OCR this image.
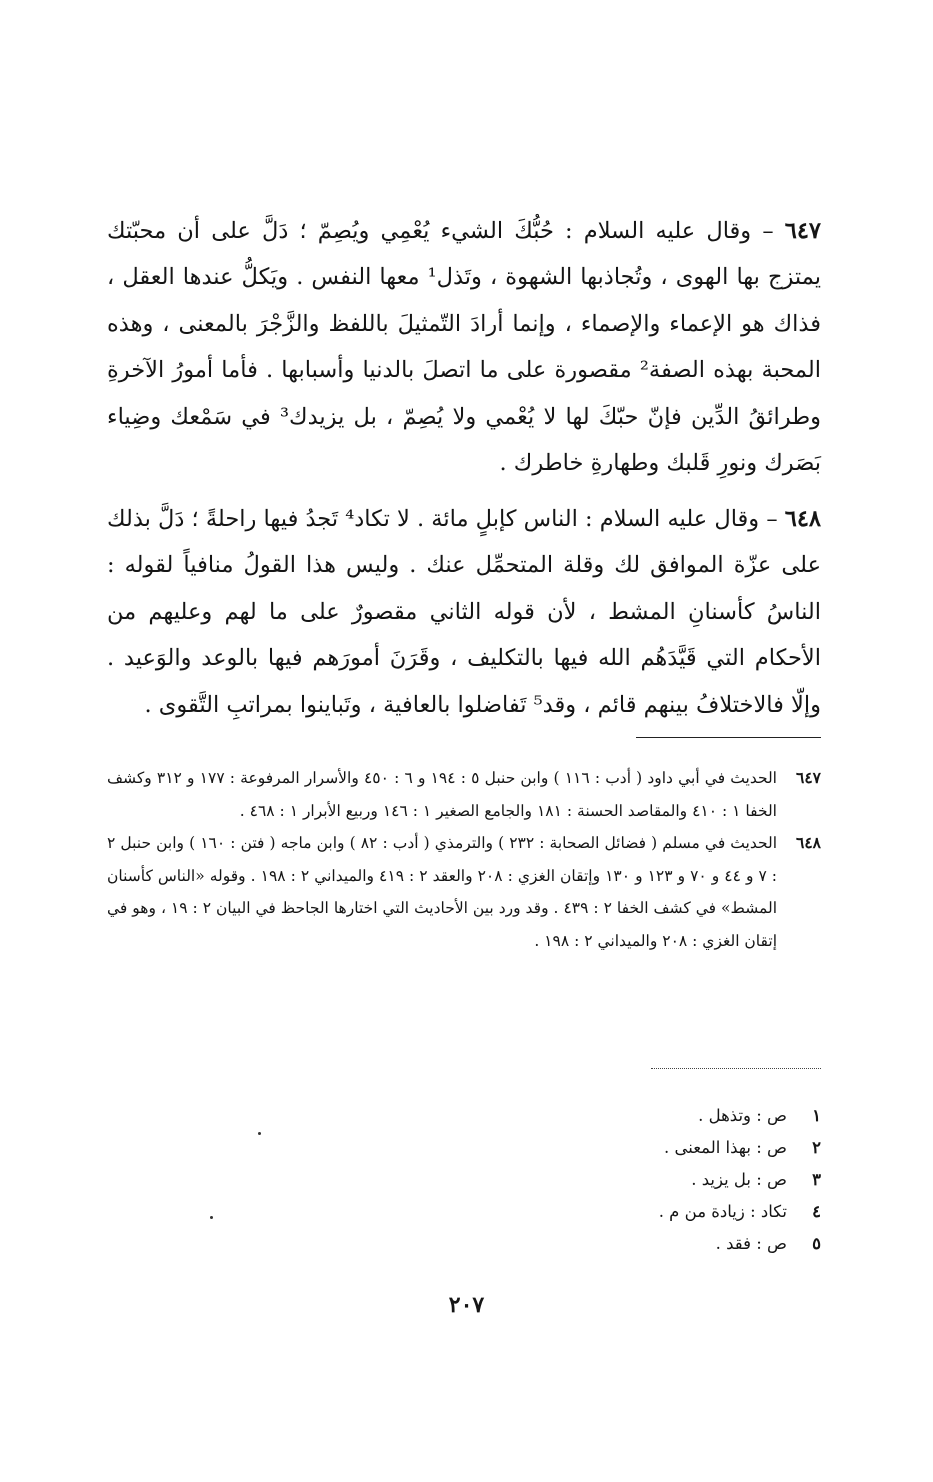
٦٤٧ – وقال عليه السلام : حُبُّكَ الشيء يُعْمِي ويُصِمّ ؛ دَلَّ على أن محبّتك يمتزج بها الهوى ، وتُجاذبها الشهوة ، وتَذل¹ معها النفس . ويَكلُّ عندها العقل ، فذاك هو الإعماء والإصماء ، وإنما أرادَ التّمثيلَ باللفظ والزَّجْرَ بالمعنى ، وهذه المحبة بهذه الصفة² مقصورة على ما اتصلَ بالدنيا وأسبابها . فأما أمورُ الآخرةِ وطرائقُ الدِّين فإنّ حبّكَ لها لا يُعْمي ولا يُصِمّ ، بل يزيدك³ في سَمْعك وضِياء بَصَرك ونورِ قَلبك وطهارةِ خاطرك .

٦٤٨ – وقال عليه السلام : الناس كإبلٍ مائة . لا تكاد⁴ تَجدُ فيها راحلةً ؛ دَلَّ بذلك على عزّة الموافق لك وقلة المتحمِّل عنك . وليس هذا القولُ منافياً لقوله : الناسُ كأسنانِ المشط ، لأن قوله الثاني مقصورٌ على ما لهم وعليهم من الأحكام التي قَيَّدَهُم الله فيها بالتكليف ، وقَرَنَ أمورَهم فيها بالوعد والوَعيد . وإلّا فالاختلافُ بينهم قائم ، وقد⁵ تَفاضلوا بالعافية ، وتَباينوا بمراتبِ التَّقوى .

٦٤٧
الحديث في أبي داود ( أدب : ١١٦ ) وابن حنبل ٥ : ١٩٤ و ٦ : ٤٥٠ والأسرار المرفوعة : ١٧٧ و ٣١٢ وكشف الخفا ١ : ٤١٠ والمقاصد الحسنة : ١٨١ والجامع الصغير ١ : ١٤٦ وربيع الأبرار ١ : ٤٦٨ .
٦٤٨
الحديث في مسلم ( فضائل الصحابة : ٢٣٢ ) والترمذي ( أدب : ٨٢ ) وابن ماجه ( فتن : ١٦٠ ) وابن حنبل ٢ : ٧ و ٤٤ و ٧٠ و ١٢٣ و ١٣٠ وإتقان الغزي : ٢٠٨ والعقد ٢ : ٤١٩ والميداني ٢ : ١٩٨ . وقوله «الناس كأسنان المشط» في كشف الخفا ٢ : ٤٣٩ . وقد ورد بين الأحاديث التي اختارها الجاحظ في البيان ٢ : ١٩ ، وهو في إتقان الغزي : ٢٠٨ والميداني ٢ : ١٩٨ .
١
ص : وتذهل .
٢
ص : بهذا المعنى .
٣
ص : بل يزيد .
٤
تكاد : زيادة من م .
٥
ص : فقد .
٢٠٧
